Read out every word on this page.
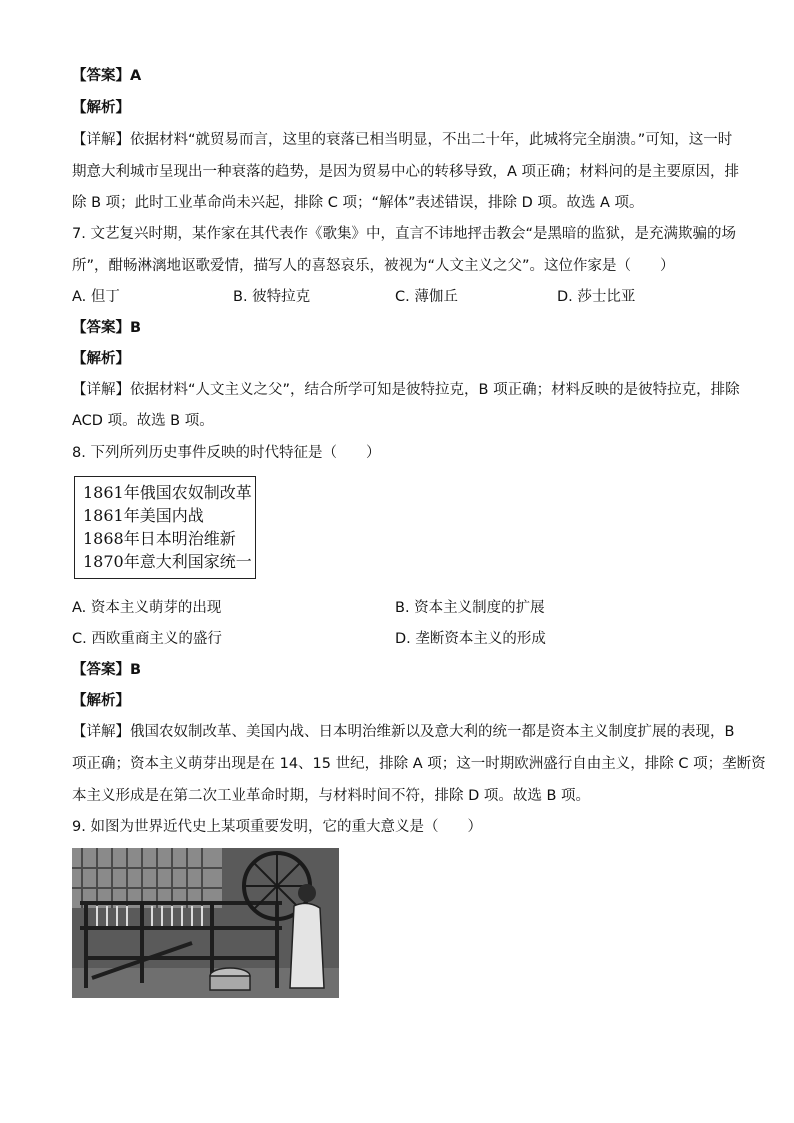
【答案】A
【解析】
【详解】依据材料“就贸易而言，这里的衰落已相当明显，不出二十年，此城将完全崩溃。”可知，这一时
期意大利城市呈现出一种衰落的趋势，是因为贸易中心的转移导致，A 项正确；材料问的是主要原因，排
除 B 项；此时工业革命尚未兴起，排除 C 项；“解体”表述错误，排除 D 项。故选 A 项。
7. 文艺复兴时期，某作家在其代表作《歌集》中，直言不讳地抨击教会“是黑暗的监狱，是充满欺骗的场
所”，酣畅淋漓地讴歌爱情，描写人的喜怒哀乐，被视为“人文主义之父”。这位作家是（　　）
A. 但丁	B. 彼特拉克	C. 薄伽丘	D. 莎士比亚
【答案】B
【解析】
【详解】依据材料“人文主义之父”，结合所学可知是彼特拉克，B 项正确；材料反映的是彼特拉克，排除
ACD 项。故选 B 项。
8. 下列所列历史事件反映的时代特征是（　　）
1861年俄国农奴制改革
1861年美国内战
1868年日本明治维新
1870年意大利国家统一
A. 资本主义萌芽的出现	B. 资本主义制度的扩展
C. 西欧重商主义的盛行	D. 垄断资本主义的形成
【答案】B
【解析】
【详解】俄国农奴制改革、美国内战、日本明治维新以及意大利的统一都是资本主义制度扩展的表现，B
项正确；资本主义萌芽出现是在 14、15 世纪，排除 A 项；这一时期欧洲盛行自由主义，排除 C 项；垄断资
本主义形成是在第二次工业革命时期，与材料时间不符，排除 D 项。故选 B 项。
9. 如图为世界近代史上某项重要发明，它的重大意义是（　　）
